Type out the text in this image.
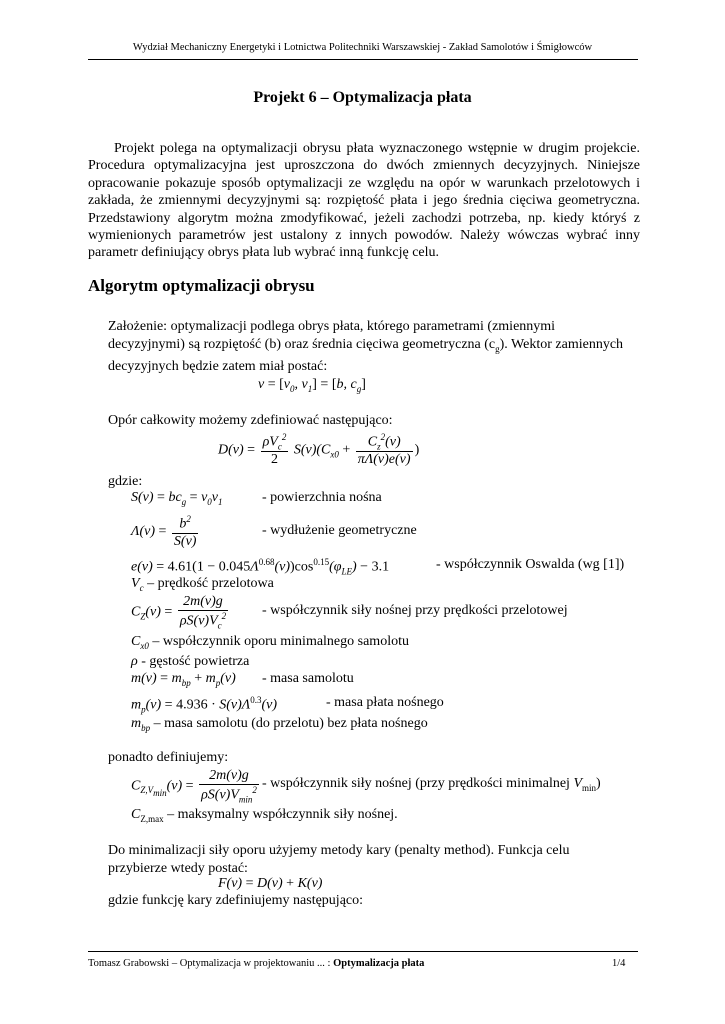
Wydział Mechaniczny Energetyki i Lotnictwa Politechniki Warszawskiej - Zakład Samolotów i Śmigłowców
Projekt 6 – Optymalizacja płata
Projekt polega na optymalizacji obrysu płata wyznaczonego wstępnie w drugim projekcie. Procedura optymalizacyjna jest uproszczona do dwóch zmiennych decyzyjnych. Niniejsze opracowanie pokazuje sposób optymalizacji ze względu na opór w warunkach przelotowych i zakłada, że zmiennymi decyzyjnymi są: rozpiętość płata i jego średnia cięciwa geometryczna. Przedstawiony algorytm można zmodyfikować, jeżeli zachodzi potrzeba, np. kiedy któryś z wymienionych parametrów jest ustalony z innych powodów. Należy wówczas wybrać inny parametr definiujący obrys płata lub wybrać inną funkcję celu.
Algorytm optymalizacji obrysu
Założenie: optymalizacji podlega obrys płata, którego parametrami (zmiennymi decyzyjnymi) są rozpiętość (b) oraz średnia cięciwa geometryczna $(c_g)$. Wektor zamiennych decyzyjnych będzie zatem miał postać:
$v = [v_0$, $v_1] = [b$, $c_g$]
Opór całkowity możemy zdefiniować następująco:
$D(v) = \frac{\rho V_c^2}{2} S(v)(C_{x0} + \frac{C_z^2(v)}{\pi\Lambda(v)e(v)}$ )
gdzie:
$S(v) = bc_g = v_0v_1$	- powierzchnia nośna
$\Lambda(v) = \frac{b^2}{S(v)}$	- wydłużenie geometryczne
$e(v) = 4.61(1 - 0.045\Lambda^{0.68}(v))\cos^{0.15}(\varphi_{LE}) - 3.1$	- współczynnik Oswalda (wg [1])
$V_c$ – prędkość przelotowa
$C_Z(v) = \frac{2m(v)g}{\rho S(v)V_c^2}$ - współczynnik siły nośnej przy prędkości przelotowej
$C_{x0}$ – współczynnik oporu minimalnego samolotu
ρ - gęstość powietrza
$m(v) = m_{bp} + m_p(v)$ - masa samolotu
$m_p(v) = 4.936 \cdot S(v)\Lambda^{0.3}(v)$	- masa płata nośnego
$m_{bp}$ – masa samolotu (do przelotu) bez płata nośnego
ponadto definiujemy:
$C_{Z,V_{min}}(v) = \frac{2m(v)g}{\rho S(v)V_{min}^2}$ - współczynnik siły nośnej (przy prędkości minimalnej $V_{min}$)
$C_{Z,max}$ – maksymalny współczynnik siły nośnej.
Do minimalizacji siły oporu użyjemy metody kary (penalty method). Funkcja celu przybierze wtedy postać:
F(v) = D(v) + K(v)
gdzie funkcję kary zdefiniujemy następująco:
Tomasz Grabowski – Optymalizacja w projektowaniu ... : Optymalizacja płata	1/4
